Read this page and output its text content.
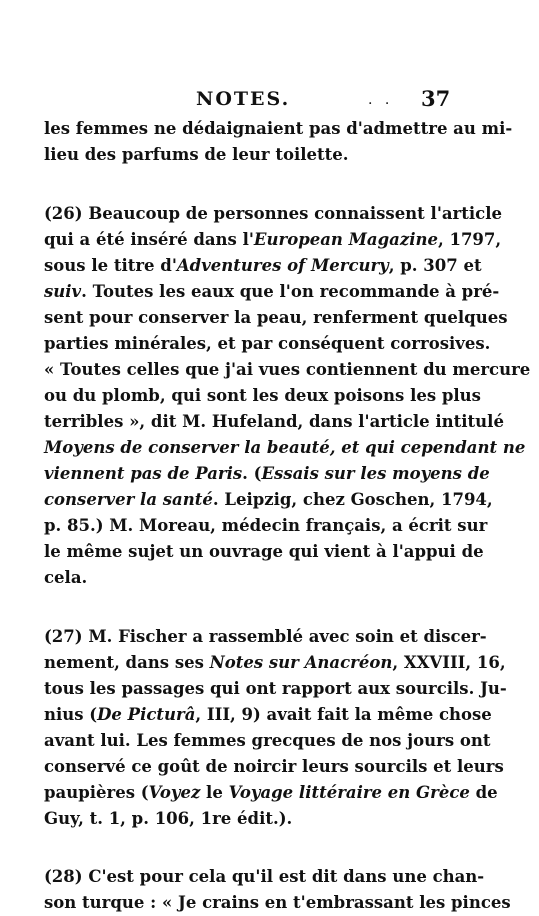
NOTES.	. . 37
les femmes ne dédaignaient pas d'admettre au mi-
lieu des parfums de leur toilette.
(26) Beaucoup de personnes connaissent l'article
qui a été inséré dans l'European Magazine, 1797,
sous le titre d'Adventures of Mercury, p. 307 et
suiv. Toutes les eaux que l'on recommande à pré-
sent pour conserver la peau, renferment quelques
parties minérales, et par conséquent corrosives.
« Toutes celles que j'ai vues contiennent du mercure
ou du plomb, qui sont les deux poisons les plus
terribles », dit M. Hufeland, dans l'article intitulé
Moyens de conserver la beauté, et qui cependant ne
viennent pas de Paris. (Essais sur les moyens de
conserver la santé. Leipzig, chez Goschen, 1794,
p. 85.) M. Moreau, médecin français, a écrit sur
le même sujet un ouvrage qui vient à l'appui de
cela.
(27) M. Fischer a rassemblé avec soin et discer-
nement, dans ses Notes sur Anacréon, XXVIII, 16,
tous les passages qui ont rapport aux sourcils. Ju-
nius (De Picturâ, III, 9) avait fait la même chose
avant lui. Les femmes grecques de nos jours ont
conservé ce goût de noircir leurs sourcils et leurs
paupières (Voyez le Voyage littéraire en Grèce de
Guy, t. 1, p. 106, 1re édit.).
(28) C'est pour cela qu'il est dit dans une chan-
son turque : « Je crains en t'embrassant les pinces
